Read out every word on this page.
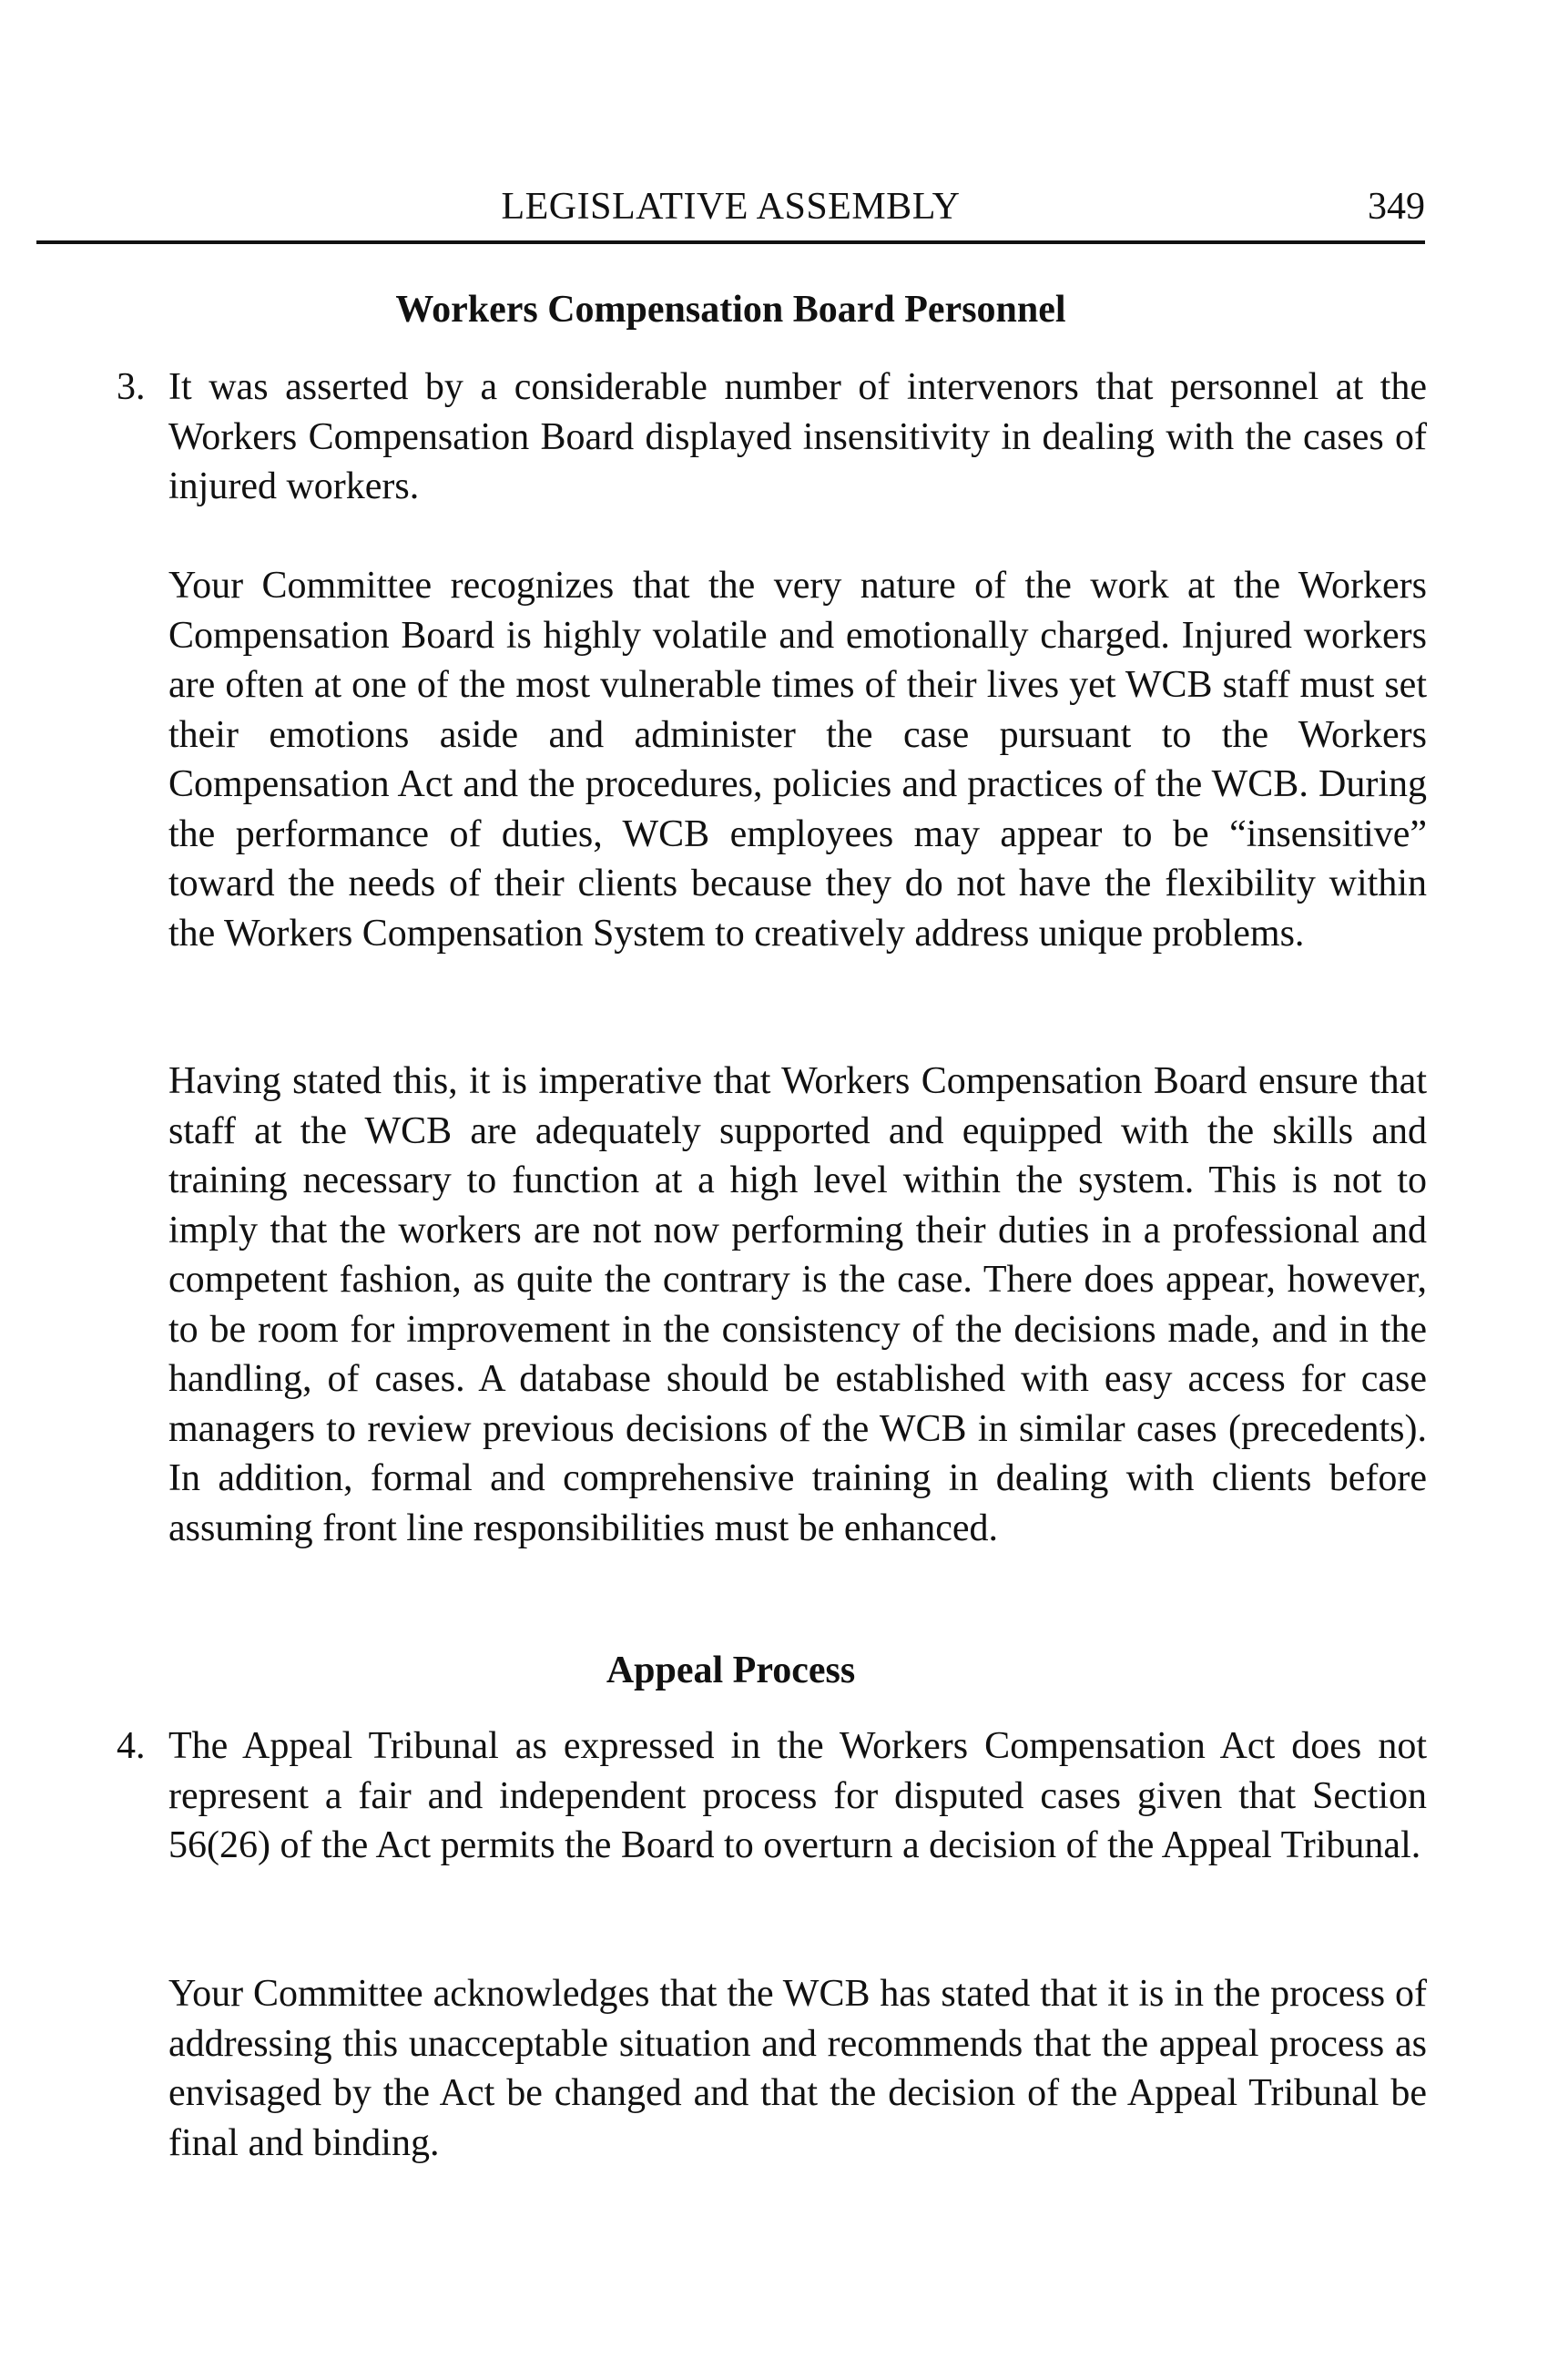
LEGISLATIVE ASSEMBLY	349
Workers Compensation Board Personnel
3. It was asserted by a considerable number of intervenors that personnel at the Workers Compensation Board displayed insensitivity in dealing with the cases of injured workers.

Your Committee recognizes that the very nature of the work at the Workers Compensation Board is highly volatile and emotionally charged. Injured workers are often at one of the most vulnerable times of their lives yet WCB staff must set their emotions aside and administer the case pursuant to the Workers Compensation Act and the procedures, policies and practices of the WCB. During the performance of duties, WCB employees may appear to be “insensitive” toward the needs of their clients because they do not have the flexibility within the Workers Compensation System to creatively address unique problems.

Having stated this, it is imperative that Workers Compensation Board ensure that staff at the WCB are adequately supported and equipped with the skills and training necessary to function at a high level within the system. This is not to imply that the workers are not now performing their duties in a professional and competent fashion, as quite the contrary is the case. There does appear, however, to be room for improvement in the consistency of the decisions made, and in the handling, of cases. A database should be established with easy access for case managers to review previous decisions of the WCB in similar cases (precedents). In addition, formal and comprehensive training in dealing with clients before assuming front line responsibilities must be enhanced.

Appeal Process
4. The Appeal Tribunal as expressed in the Workers Compensation Act does not represent a fair and independent process for disputed cases given that Section 56(26) of the Act permits the Board to overturn a decision of the Appeal Tribunal.

Your Committee acknowledges that the WCB has stated that it is in the process of addressing this unacceptable situation and recommends that the appeal process as envisaged by the Act be changed and that the decision of the Appeal Tribunal be final and binding.
